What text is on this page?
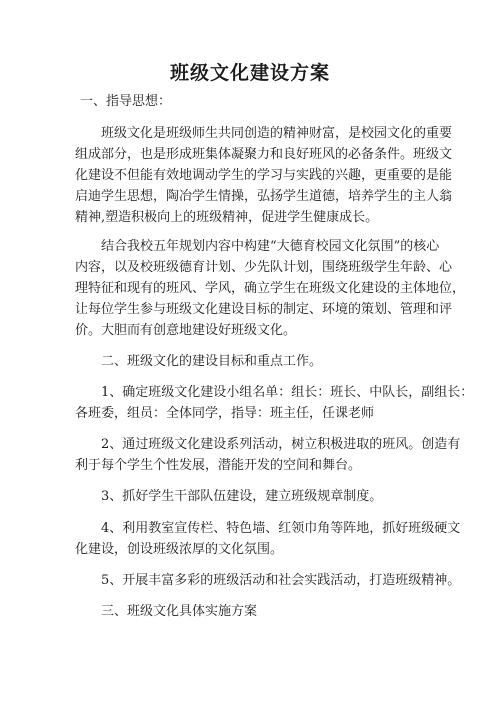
班级文化建设方案

一、指导思想：

班级文化是班级师生共同创造的精神财富，是校园文化的重要

组成部分，也是形成班集体凝聚力和良好班风的必备条件。班级文

化建设不但能有效地调动学生的学习与实践的兴趣，更重要的是能

启迪学生思想，陶冶学生情操，弘扬学生道德，培养学生的主人翁

精神,塑造积极向上的班级精神，促进学生健康成长。

结合我校五年规划内容中构建“大德育校园文化氛围”的核心

内容，以及校班级德育计划、少先队计划，围绕班级学生年龄、心

理特征和现有的班风、学风，确立学生在班级文化建设的主体地位，

让每位学生参与班级文化建设目标的制定、环境的策划、管理和评

价。大胆而有创意地建设好班级文化。

二、班级文化的建设目标和重点工作。

1、确定班级文化建设小组名单：组长：班长、中队长，副组长：

各班委，组员：全体同学，指导：班主任，任课老师

2、通过班级文化建设系列活动，树立积极进取的班风。创造有

利于每个学生个性发展，潜能开发的空间和舞台。

3、抓好学生干部队伍建设，建立班级规章制度。

4、利用教室宣传栏、特色墙、红领巾角等阵地，抓好班级硬文

化建设，创设班级浓厚的文化氛围。

5、开展丰富多彩的班级活动和社会实践活动，打造班级精神。

三、班级文化具体实施方案
